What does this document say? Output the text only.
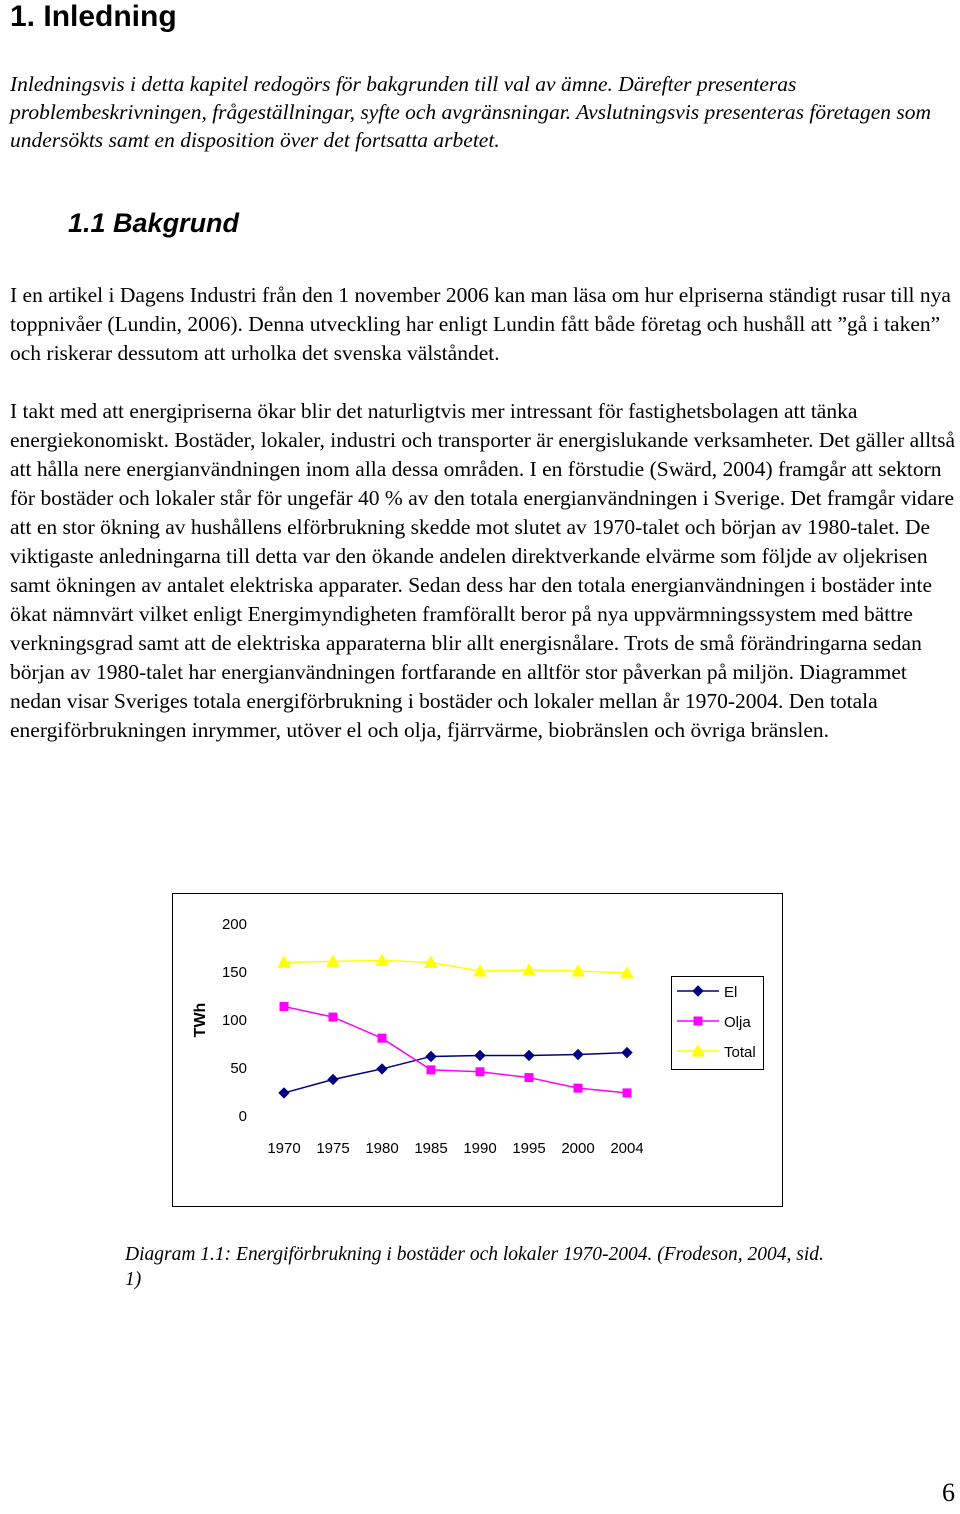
1. Inledning

Inledningsvis i detta kapitel redogörs för bakgrunden till val av ämne. Därefter presenteras problembeskrivningen, frågeställningar, syfte och avgränsningar. Avslutningsvis presenteras företagen som undersökts samt en disposition över det fortsatta arbetet.

1.1 Bakgrund

I en artikel i Dagens Industri från den 1 november 2006 kan man läsa om hur elpriserna ständigt rusar till nya toppnivåer (Lundin, 2006). Denna utveckling har enligt Lundin fått både företag och hushåll att ”gå i taken” och riskerar dessutom att urholka det svenska välståndet.

I takt med att energipriserna ökar blir det naturligtvis mer intressant för fastighetsbolagen att tänka energiekonomiskt. Bostäder, lokaler, industri och transporter är energislukande verksamheter. Det gäller alltså att hålla nere energianvändningen inom alla dessa områden. I en förstudie (Swärd, 2004) framgår att sektorn för bostäder och lokaler står för ungefär 40 % av den totala energianvändningen i Sverige. Det framgår vidare att en stor ökning av hushållens elförbrukning skedde mot slutet av 1970-talet och början av 1980-talet. De viktigaste anledningarna till detta var den ökande andelen direktverkande elvärme som följde av oljekrisen samt ökningen av antalet elektriska apparater. Sedan dess har den totala energianvändningen i bostäder inte ökat nämnvärt vilket enligt Energimyndigheten framförallt beror på nya uppvärmningssystem med bättre verkningsgrad samt att de elektriska apparaterna blir allt energisnålare. Trots de små förändringarna sedan början av 1980-talet har energianvändningen fortfarande en alltför stor påverkan på miljön. Diagrammet nedan visar Sveriges totala energiförbrukning i bostäder och lokaler mellan år 1970-2004. Den totala energiförbrukningen inrymmer, utöver el och olja, fjärrvärme, biobränslen och övriga bränslen.

200
150
100
50
0
TWh
1970 1975 1980 1985 1990 1995 2000 2004
El
Olja
Total

Diagram 1.1: Energiförbrukning i bostäder och lokaler 1970-2004. (Frodeson, 2004, sid. 1)

6
